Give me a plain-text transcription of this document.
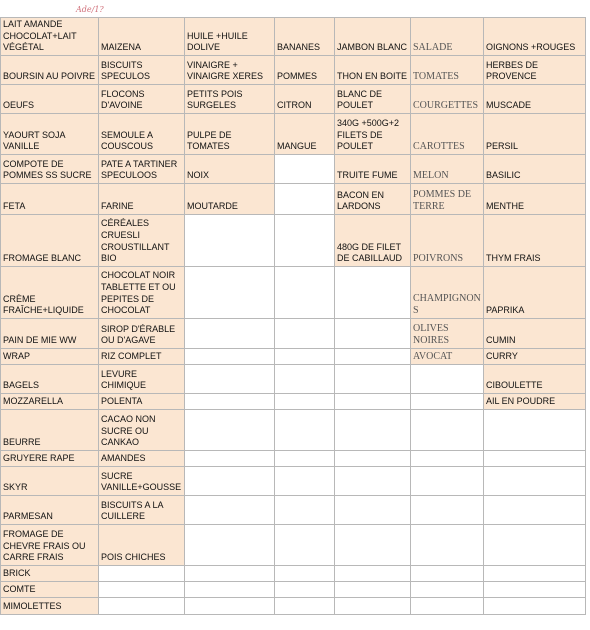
Ade/1?
LAIT AMANDE CHOCOLAT+LAIT VÉGÉTAL	MAIZENA	HUILE +HUILE DOLIVE	BANANES	JAMBON BLANC	SALADE	OIGNONS +ROUGES
BOURSIN AU POIVRE	BISCUITS SPECULOS	VINAIGRE + VINAIGRE XERES	POMMES	THON EN BOITE	TOMATES	HERBES DE PROVENCE
OEUFS	FLOCONS D'AVOINE	PETITS POIS SURGELES	CITRON	BLANC DE POULET	COURGETTES	MUSCADE
YAOURT SOJA VANILLE	SEMOULE A COUSCOUS	PULPE DE TOMATES	MANGUE	340G +500G+2 FILETS DE POULET	CAROTTES	PERSIL
COMPOTE DE POMMES SS SUCRE	PATE A TARTINER SPECULOOS	NOIX		TRUITE FUME	MELON	BASILIC
FETA	FARINE	MOUTARDE		BACON EN LARDONS	POMMES DE TERRE	MENTHE
FROMAGE BLANC	CÉRÉALES CRUESLI CROUSTILLANT BIO			480G DE FILET DE CABILLAUD	POIVRONS	THYM FRAIS
CRÈME FRAÎCHE+LIQUIDE	CHOCOLAT NOIR TABLETTE ET OU PEPITES DE CHOCOLAT				CHAMPIGNONS	PAPRIKA
PAIN DE MIE WW	SIROP D'ÉRABLE OU D'AGAVE				OLIVES NOIRES	CUMIN
WRAP	RIZ COMPLET				AVOCAT	CURRY
BAGELS	LEVURE CHIMIQUE					CIBOULETTE
MOZZARELLA	POLENTA					AIL EN POUDRE
BEURRE	CACAO NON SUCRE OU CANKAO					
GRUYERE RAPE	AMANDES					
SKYR	SUCRE VANILLE+GOUSSE					
PARMESAN	BISCUITS A LA CUILLERE					
FROMAGE DE CHEVRE FRAIS OU CARRE FRAIS	POIS CHICHES					
BRICK						
COMTE						
MIMOLETTES						
